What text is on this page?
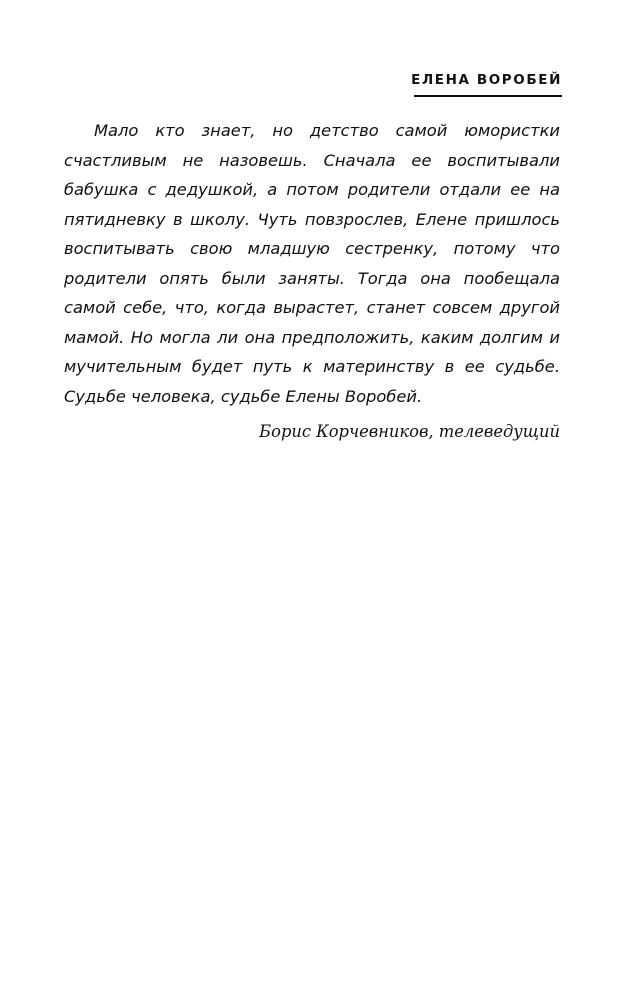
ЕЛЕНА ВОРОБЕЙ

Мало кто знает, но детство самой юмористки счастливым не назовешь. Сначала ее воспитывали бабушка с дедушкой, а потом родители отдали ее на пятидневку в школу. Чуть повзрослев, Елене пришлось воспитывать свою младшую сестренку, потому что родители опять были заняты. Тогда она пообещала самой себе, что, когда вырастет, станет совсем другой мамой. Но могла ли она предположить, каким долгим и мучительным будет путь к материнству в ее судьбе. Судьбе человека, судьбе Елены Воробей.

Борис Корчевников, телеведущий
